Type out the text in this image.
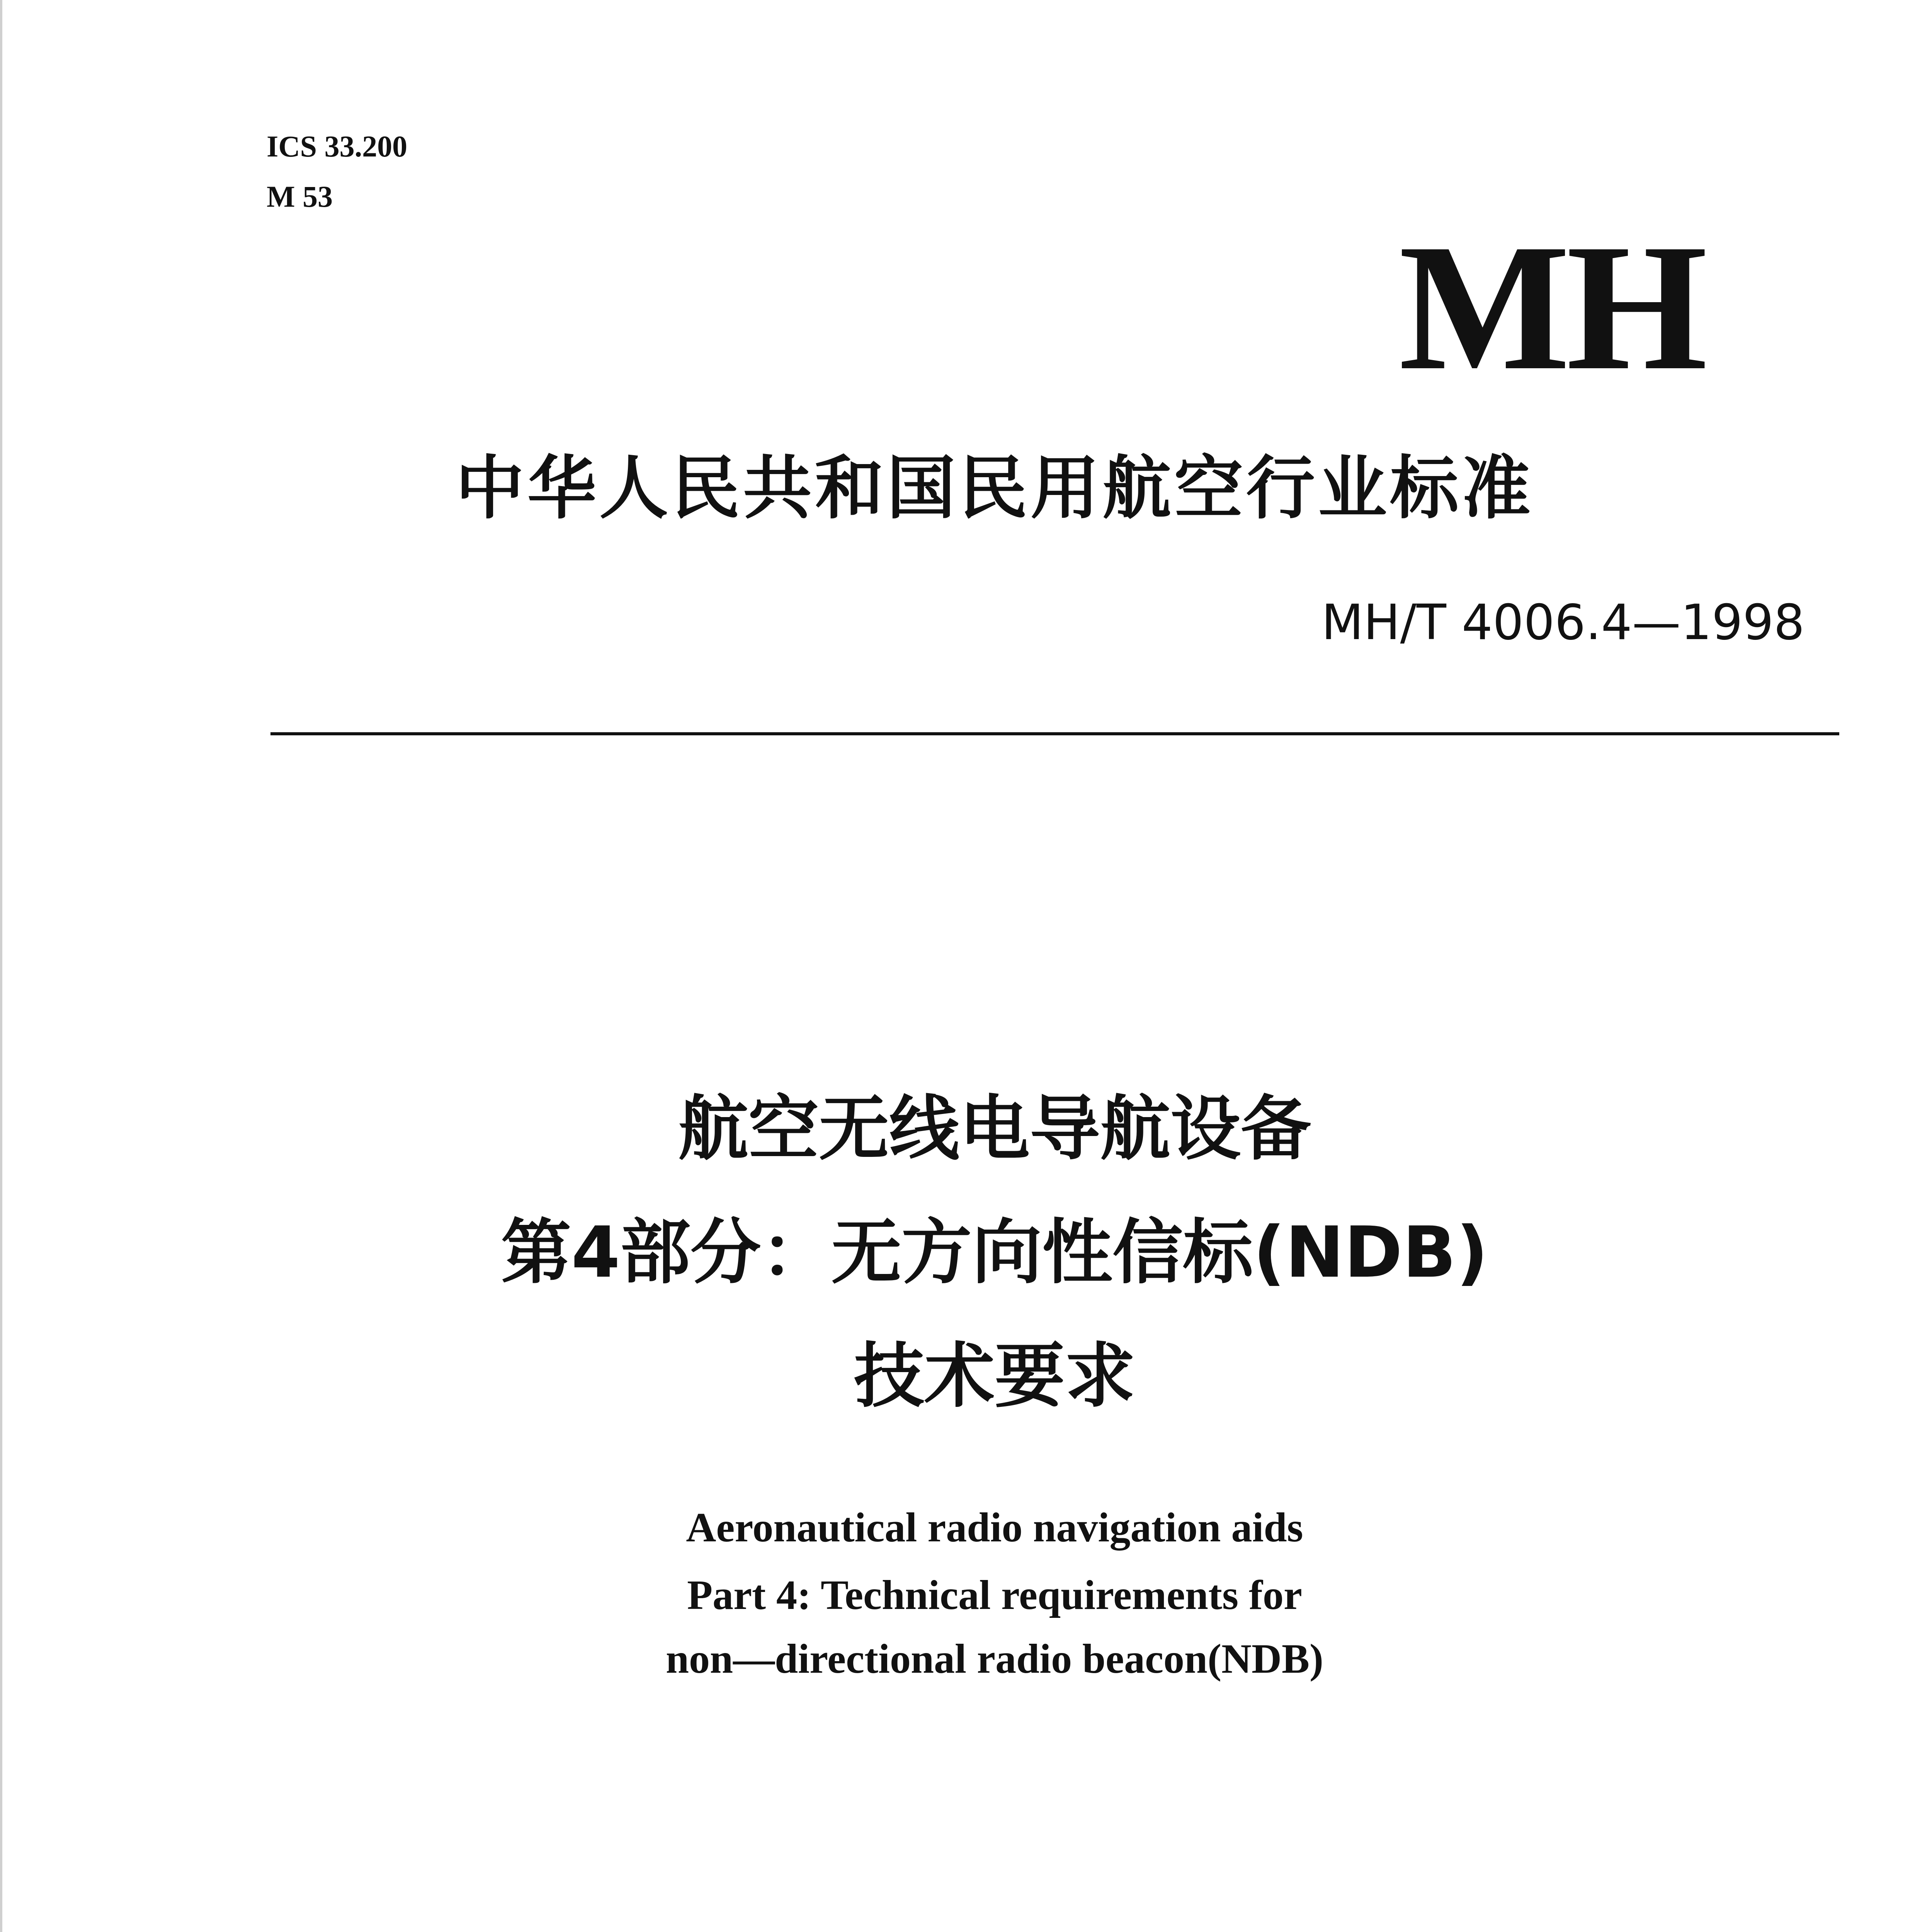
ICS 33.200
M 53
MH
中华人民共和国民用航空行业标准
MH/T 4006.4—1998
航空无线电导航设备
第4部分：无方向性信标(NDB)
技术要求
Aeronautical radio navigation aids
Part 4: Technical requirements for
non—directional radio beacon(NDB)
